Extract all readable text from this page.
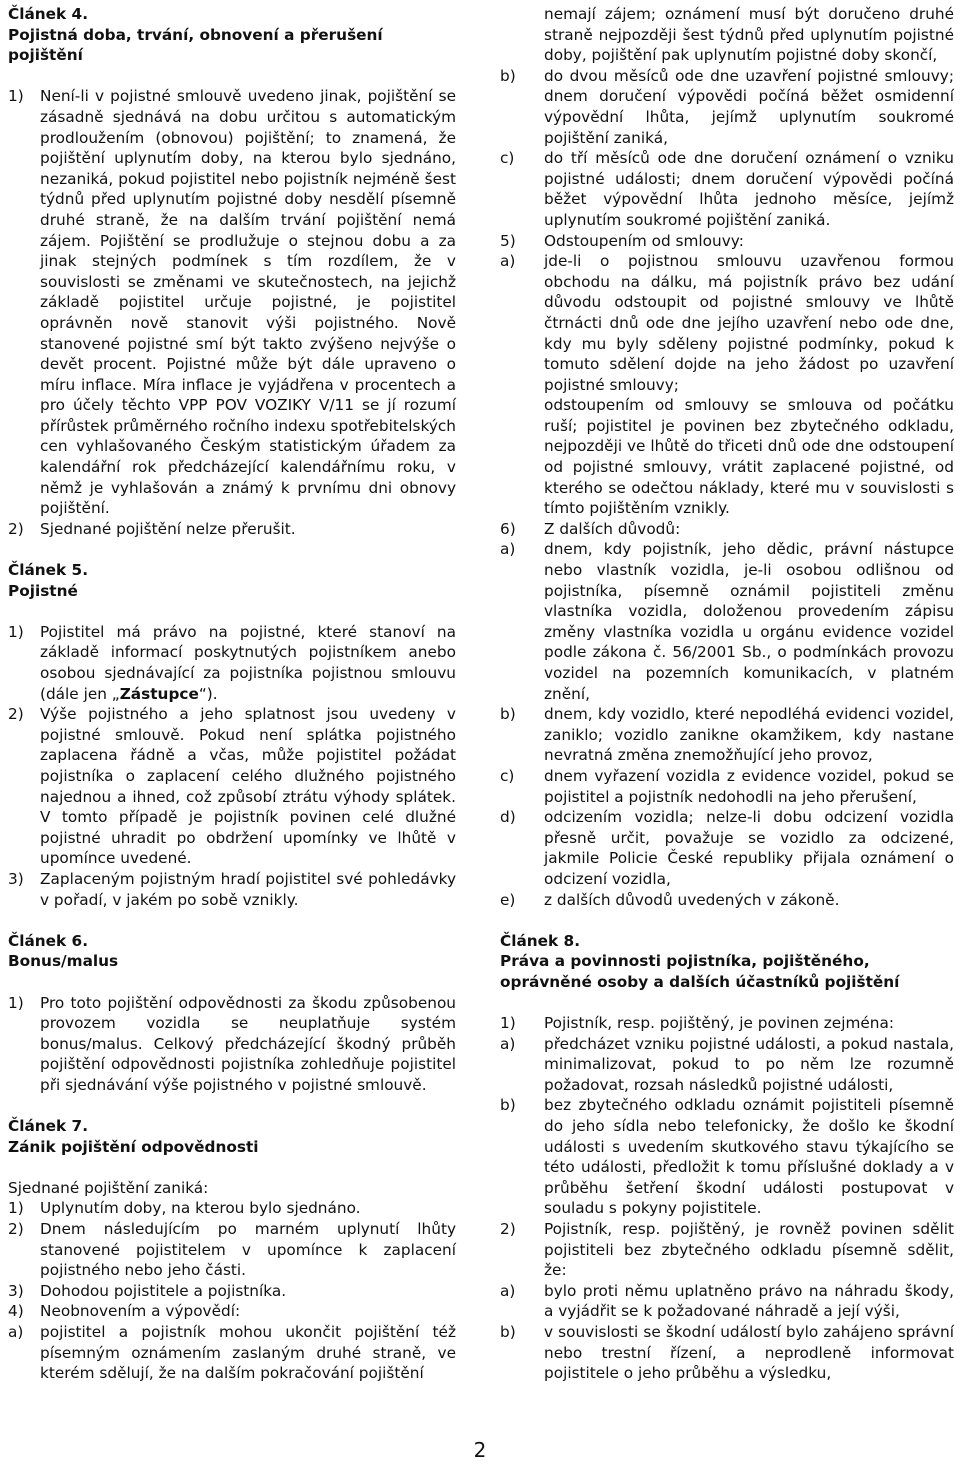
Článek 4.
Pojistná doba, trvání, obnovení a přerušení pojištění
1)	Není-li v pojistné smlouvě uvedeno jinak, pojištění se zásadně sjednává na dobu určitou s automatickým prodloužením (obnovou) pojištění; to znamená, že pojištění uplynutím doby, na kterou bylo sjednáno, nezaniká, pokud pojistitel nebo pojistník nejméně šest týdnů před uplynutím pojistné doby nesdělí písemně druhé straně, že na dalším trvání pojištění nemá zájem. Pojištění se prodlužuje o stejnou dobu a za jinak stejných podmínek s tím rozdílem, že v souvislosti se změnami ve skutečnostech, na jejichž základě pojistitel určuje pojistné, je pojistitel oprávněn nově stanovit výši pojistného. Nově stanovené pojistné smí být takto zvýšeno nejvýše o devět procent. Pojistné může být dále upraveno o míru inflace. Míra inflace je vyjádřena v procentech a pro účely těchto VPP POV VOZIKY V/11 se jí rozumí přírůstek průměrného ročního indexu spotřebitelských cen vyhlašovaného Českým statistickým úřadem za kalendářní rok předcházející kalendářnímu roku, v němž je vyhlašován a známý k prvnímu dni obnovy pojištění.
2)	Sjednané pojištění nelze přerušit.
Článek 5.
Pojistné
1)	Pojistitel má právo na pojistné, které stanoví na základě informací poskytnutých pojistníkem anebo osobou sjednávající za pojistníka pojistnou smlouvu (dále jen „Zástupce“).
2)	Výše pojistného a jeho splatnost jsou uvedeny v pojistné smlouvě. Pokud není splátka pojistného zaplacena řádně a včas, může pojistitel požádat pojistníka o zaplacení celého dlužného pojistného najednou a ihned, což způsobí ztrátu výhody splátek. V tomto případě je pojistník povinen celé dlužné pojistné uhradit po obdržení upomínky ve lhůtě v upomínce uvedené.
3)	Zaplaceným pojistným hradí pojistitel své pohledávky v pořadí, v jakém po sobě vznikly.
Článek 6.
Bonus/malus
1)	Pro toto pojištění odpovědnosti za škodu způsobenou provozem vozidla se neuplatňuje systém bonus/malus. Celkový předcházející škodný průběh pojištění odpovědnosti pojistníka zohledňuje pojistitel při sjednávání výše pojistného v pojistné smlouvě.
Článek 7.
Zánik pojištění odpovědnosti
Sjednané pojištění zaniká:
1)	Uplynutím doby, na kterou bylo sjednáno.
2)	Dnem následujícím po marném uplynutí lhůty stanovené pojistitelem v upomínce k zaplacení pojistného nebo jeho části.
3)	Dohodou pojistitele a pojistníka.
4)	Neobnovením a výpovědí:
a)	pojistitel a pojistník mohou ukončit pojištění též písemným oznámením zaslaným druhé straně, ve kterém sdělují, že na dalším pokračování pojištění
nemají zájem; oznámení musí být doručeno druhé straně nejpozději šest týdnů před uplynutím pojistné doby, pojištění pak uplynutím pojistné doby skončí,
b)	do dvou měsíců ode dne uzavření pojistné smlouvy; dnem doručení výpovědi počíná běžet osmidenní výpovědní lhůta, jejímž uplynutím soukromé pojištění zaniká,
c)	do tří měsíců ode dne doručení oznámení o vzniku pojistné události; dnem doručení výpovědi počíná běžet výpovědní lhůta jednoho měsíce, jejímž uplynutím soukromé pojištění zaniká.
5)	Odstoupením od smlouvy:
a)	jde-li o pojistnou smlouvu uzavřenou formou obchodu na dálku, má pojistník právo bez udání důvodu odstoupit od pojistné smlouvy ve lhůtě čtrnácti dnů ode dne jejího uzavření nebo ode dne, kdy mu byly sděleny pojistné podmínky, pokud k tomuto sdělení dojde na jeho žádost po uzavření pojistné smlouvy;
odstoupením od smlouvy se smlouva od počátku ruší; pojistitel je povinen bez zbytečného odkladu, nejpozději ve lhůtě do třiceti dnů ode dne odstoupení od pojistné smlouvy, vrátit zaplacené pojistné, od kterého se odečtou náklady, které mu v souvislosti s tímto pojištěním vznikly.
6)	Z dalších důvodů:
a)	dnem, kdy pojistník, jeho dědic, právní nástupce nebo vlastník vozidla, je-li osobou odlišnou od pojistníka, písemně oznámil pojistiteli změnu vlastníka vozidla, doloženou provedením zápisu změny vlastníka vozidla u orgánu evidence vozidel podle zákona č. 56/2001 Sb., o podmínkách provozu vozidel na pozemních komunikacích, v platném znění,
b)	dnem, kdy vozidlo, které nepodléhá evidenci vozidel, zaniklo; vozidlo zanikne okamžikem, kdy nastane nevratná změna znemožňující jeho provoz,
c)	dnem vyřazení vozidla z evidence vozidel, pokud se pojistitel a pojistník nedohodli na jeho přerušení,
d)	odcizením vozidla; nelze-li dobu odcizení vozidla přesně určit, považuje se vozidlo za odcizené, jakmile Policie České republiky přijala oznámení o odcizení vozidla,
e)	z dalších důvodů uvedených v zákoně.
Článek 8.
Práva a povinnosti pojistníka, pojištěného, oprávněné osoby a dalších účastníků pojištění
1)	Pojistník, resp. pojištěný, je povinen zejména:
a)	předcházet vzniku pojistné události, a pokud nastala, minimalizovat, pokud to po něm lze rozumně požadovat, rozsah následků pojistné události,
b)	bez zbytečného odkladu oznámit pojistiteli písemně do jeho sídla nebo telefonicky, že došlo ke škodní události s uvedením skutkového stavu týkajícího se této události, předložit k tomu příslušné doklady a v průběhu šetření škodní události postupovat v souladu s pokyny pojistitele.
2)	Pojistník, resp. pojištěný, je rovněž povinen sdělit pojistiteli bez zbytečného odkladu písemně sdělit, že:
a)	bylo proti němu uplatněno právo na náhradu škody, a vyjádřit se k požadované náhradě a její výši,
b)	v souvislosti se škodní událostí bylo zahájeno správní nebo trestní řízení, a neprodleně informovat pojistitele o jeho průběhu a výsledku,
2
